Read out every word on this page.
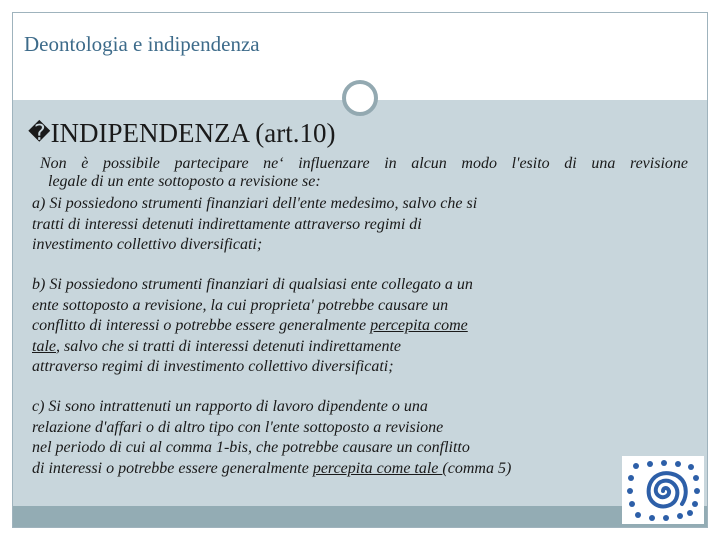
Deontologia e indipendenza
�INDIPENDENZA (art.10)
Non è possibile partecipare ne‘ influenzare in alcun modo l'esito di una revisione
legale di un ente sottoposto a revisione se:
a) Si possiedono strumenti finanziari dell'ente medesimo, salvo che si
tratti di interessi detenuti indirettamente attraverso regimi di
investimento collettivo diversificati;
b) Si possiedono strumenti finanziari di qualsiasi ente collegato a un
ente sottoposto a revisione, la cui proprieta' potrebbe causare un
conflitto di interessi o potrebbe essere generalmente percepita come
tale, salvo che si tratti di interessi detenuti indirettamente
attraverso regimi di investimento collettivo diversificati;
c) Si sono intrattenuti un rapporto di lavoro dipendente o una
relazione d'affari o di altro tipo con l'ente sottoposto a revisione
nel periodo di cui al comma 1-bis, che potrebbe causare un conflitto
di interessi o potrebbe essere generalmente percepita come tale (comma 5)
